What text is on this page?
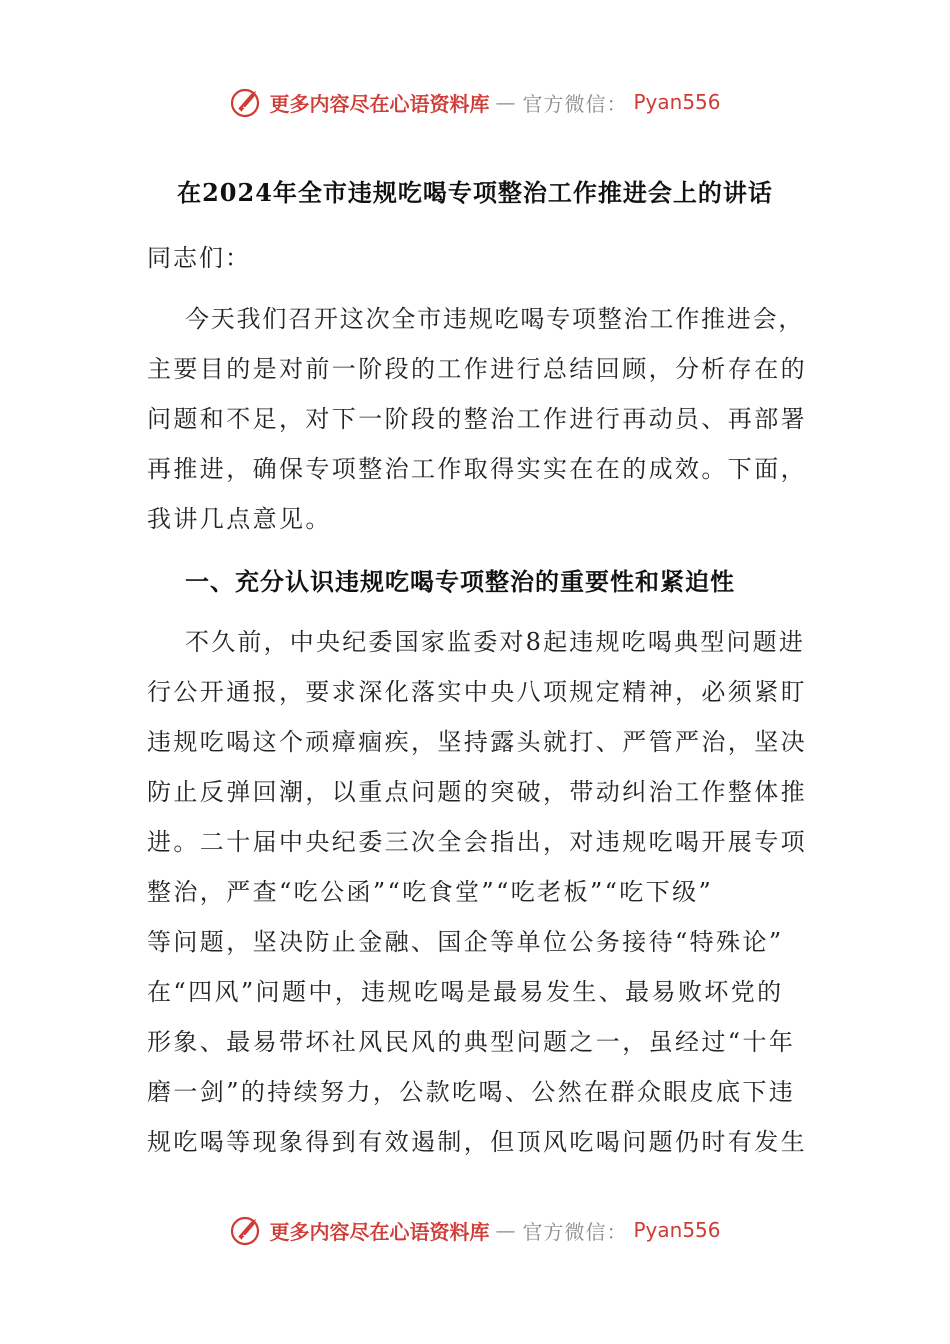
更多内容尽在心语资料库 — 官方微信： Pyan556
在2024年全市违规吃喝专项整治工作推进会上的讲话
同志们：
今天我们召开这次全市违规吃喝专项整治工作推进会，
主要目的是对前一阶段的工作进行总结回顾，分析存在的
问题和不足，对下一阶段的整治工作进行再动员、再部署
再推进，确保专项整治工作取得实实在在的成效。下面，
我讲几点意见。
一、充分认识违规吃喝专项整治的重要性和紧迫性
不久前，中央纪委国家监委对8起违规吃喝典型问题进
行公开通报，要求深化落实中央八项规定精神，必须紧盯
违规吃喝这个顽瘴痼疾，坚持露头就打、严管严治，坚决
防止反弹回潮，以重点问题的突破，带动纠治工作整体推
进。二十届中央纪委三次全会指出，对违规吃喝开展专项
整治，严查“吃公函”“吃食堂”“吃老板”“吃下级”
等问题，坚决防止金融、国企等单位公务接待“特殊论”
在“四风”问题中，违规吃喝是最易发生、最易败坏党的
形象、最易带坏社风民风的典型问题之一，虽经过“十年
磨一剑”的持续努力，公款吃喝、公然在群众眼皮底下违
规吃喝等现象得到有效遏制，但顶风吃喝问题仍时有发生
更多内容尽在心语资料库 — 官方微信： Pyan556
